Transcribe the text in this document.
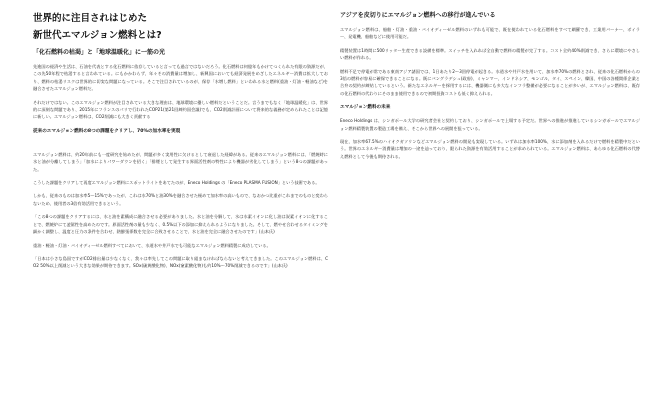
世界的に注目されはじめた
新世代エマルジョン燃料とは?
「化石燃料の枯渇」と「地球温暖化」に一筋の光

先進国の経済や生活は、石油を代表とする化石燃料に依存していると言っても過言ではないだろう。化石燃料は何億年もかけてつくられた有限の資源だが、この先50年程で枯渇すると言われている。にもかかわらず、年々その消費量は増加し、新興国においても経済発展をめざしたエネルギー消費は拡大しており、燃料の枯渇リスクは世界的に切実な問題になっている。そこで注目されているのが、保存「水増し燃料」といわれる水と燃料(重油・灯油・軽油など)を融合させたエマルジョン燃料だ。

それだけではない。このエマルジョン燃料が注目されている大きな理由は、地球環境に優しい燃料だということだ。言うまでもなく「地球温暖化」は、世界的に深刻な問題であり、2015年にフランスのパリで行われたCOP21(第21回締約国会議)でも、CO2削減計画について将来的な義務が定められたことは記憶に新しい。エマルジョン燃料は、CO2削減にも大きく貢献する

従来のエマルジョン燃料の8つの課題をクリアし、70%の加水率を実現

エマルジョン燃料は、約20年前にも一度研究を始めたが、問題が多く実用性に欠けるとして衰退した経緯がある。従来のエマルジョン燃料には、「燃焼時に水と油が分離してしまう」「加水によりパワーダウンを招く」「排煙として発生する界面活性剤の特性により機器が劣化してしまう」という8つの課題があった。

こうした課題をクリアして再度エマルジョン燃料にスポットライトをあてたのが、Eneco Holdings の「Eneco PLASMA FUSION」という技術である。

しかも、従来のものは加水率5〜15%であったが、これは水70%と油30%を融合させた極めて加水率の高いもので、なおかつ比重がこれまでのものと変わらないため、使用者の3倍有効活用できるという。

「この8つの課題をクリアするには、水と油を素構成に融合させる必要がありました。水と油を分解して、水は水素イオンに化し油は炭素イオンに化することで、燃焼炉にて凌駕性を高めたのです。界面活性剤の量も少なく、0.5%以下の添加に抑えられるようになりました。そして、燃やせ合わせるタイミングを細かく調整し、温度と圧力の条件を合わせ、熱膨張係数を完全に合致させることで、水と油を完全に融合させたのです」(山本氏)

重油・軽油・灯油・バイオディーゼル燃料すべてにおいて、水道水や井戸水でも可能なエマルジョン燃料精製に成功している。

「日本は小さな島国ですがCO2排出量は少なくなく、我々は率先してこの問題に取り組まなければならないと考えてきました。このエマルジョン燃料は、CO2 50%以上削減という大きな効果が期待できます。SOx(硫黄酸化物)、NOx(窒素酸化物)も約10%〜70%削減できるのです」(山本氏)

アジアを皮切りにエマルジョン燃料への移行が進んでいる

エマルジョン燃料は、船舶・灯油・重油・バイオディーゼル燃料のいずれも可能で、既在使われている化石燃料をすべて網羅でき、工業用バーナー、ボイラー、発電機、船舶などに使用可能だ。

精製装置は1時間に500リッター生産できる設備を標準。スイッチを入れれば全自動で燃料の精製が完了する。コスト全約40%削減でき、さらに環境にやさしい燃料が作れる。

燃料不足で停電が常である東南アジア諸国では、1日あたり2〜3回停電が起きる。水道水や井戸水を用いて、加水率70%の燃料とされ、従来の化石燃料からの3倍の燃料が容易に確保できることになる。既にバングラデシュ(政府)、ミャンマー、インドネシア、モンゴル、タイ、スペイン、韓国、中国の各種関係企業と合弁の契約が締結しているという。新たなエネルギーを採用するには、機器側にも多大なインフラ整備が必要になることが多いが、エマルジョン燃料は、既存の化石燃料の代わりにそのまま使用できるので初期投資コストも低く抑えられる。

エマルジョン燃料の未来

Eneco Holdings は、シンガポール大学の研究者会社と契約しており、シンガポールで上場する予定だ。世界への推進が推進しているシンガポールでエマルジョン燃料精製装置の製造工場を備え、そこから世界への展開を狙っている。

現在、加水率67.5%のハイオクガソリンなどエマルジョン燃料の開発も実現している。いずれは加水率100%、水に添加剤を入れるだけで燃料を精製中だという。世界のエネルギー消費量は増加の一途を辿っており、限られた資源を有効活用することが求められている。エマルジョン燃料は、あらゆる化石燃料の代替え燃料として今後も期待される。
